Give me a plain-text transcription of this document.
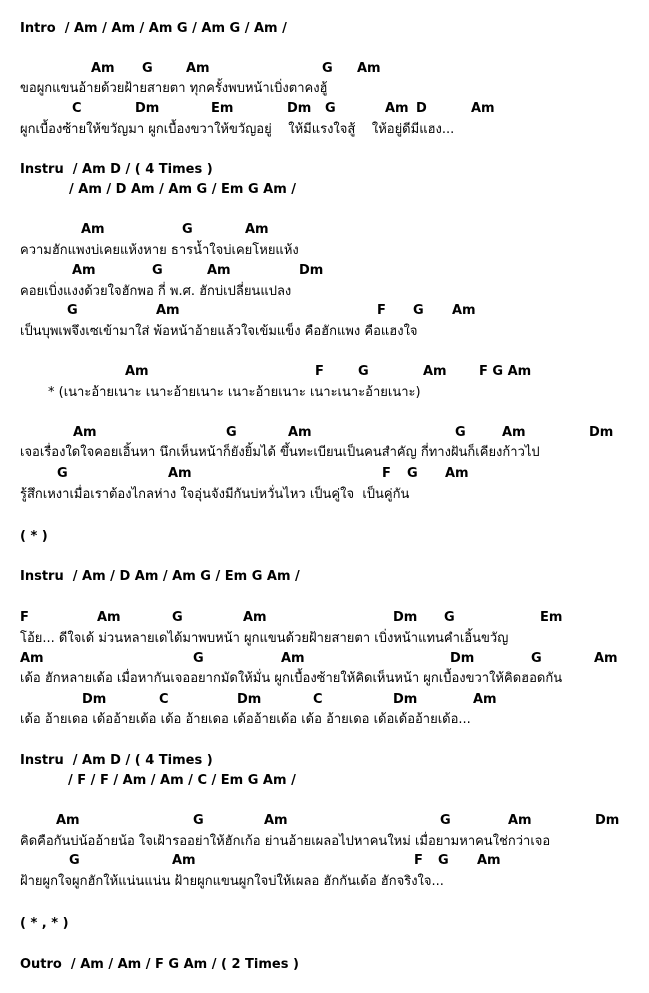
Intro  / Am / Am / Am G / Am G / Am /
Am G	Am	G Am
ขอผูกแขนอ้ายด้วยฝ้ายสายตา ทุกครั้งพบหน้าเบิ่งตาคงฮู้
C	Dm	Em	Dm G	Am D	Am
ผูกเบื้องซ้ายให้ขวัญมา ผูกเบื้องขวาให้ขวัญอยู่    ให้มีแรงใจสู้    ให้อยู่ดีมีแฮง...
Instru  / Am D / ( 4 Times )
/ Am / D Am / Am G / Em G Am /
Am	G	Am
ความฮักแพงบ่เคยแห้งหาย ธารน้ำใจบ่เคยโหยแห้ง
Am	G	Am	Dm
คอยเบิ่งแงงด้วยใจฮักพอ กี่ พ.ศ. ฮักบ่เปลี่ยนแปลง
G	Am	F G Am
เป็นบุพเพจึงเซเข้ามาใส่ พ้อหน้าอ้ายแล้วใจเข้มแข็ง คือฮักแพง คือแฮงใจ
Am	F	G	Am F G Am
* (เนาะอ้ายเนาะ เนาะอ้ายเนาะ เนาะอ้ายเนาะ เนาะเนาะอ้ายเนาะ)
Am	G	Am	G	Am	Dm
เจอเรื่องใดใจคอยเอิ้นหา นึกเห็นหน้าก็ยังยิ้มได้ ขึ้นทะเบียนเป็นคนสำคัญ กี่ทางฝันก็เคียงก้าวไป
G	Am	F G Am
รู้สึกเหงาเมื่อเราต้องไกลห่าง ใจอุ่นจังมีกันบ่หวั่นไหว เป็นคู่ใจ  เป็นคู่กัน
( * )
Instru  / Am / D Am / Am G / Em G Am /
F	Am	G	Am	Dm G	Em
โอ้ย... ดีใจเด้ ม่วนหลายเดได้มาพบหน้า ผูกแขนด้วยฝ้ายสายตา เบิ่งหน้าแทนคำเอิ้นขวัญ
Am	G	Am	Dm	G	Am
เด้อ ฮักหลายเด้อ เมื่อหากันเจออยากมัดให้มั่น ผูกเบื้องซ้ายให้คิดเห็นหน้า ผูกเบื้องขวาให้คิดฮอดกัน
Dm	C	Dm	C	Dm	Am
เด้อ อ้ายเดอ เด้ออ้ายเด้อ เด้อ อ้ายเดอ เด้ออ้ายเด้อ เด้อ อ้ายเดอ เด้อเด้ออ้ายเด้อ...
Instru  / Am D / ( 4 Times )
/ F / F / Am / Am / C / Em G Am /
Am	G	Am	G	Am	Dm
คิดคือกันบ่น้ออ้ายน้อ ใจเฝ้ารออย่าให้ฮักเก้อ ย่านอ้ายเผลอไปหาคนใหม่ เมื่อยามหาคนใช่กว่าเจอ
G	Am	F G Am
ฝ้ายผูกใจผูกฮักให้แน่นแน่น ฝ้ายผูกแขนผูกใจบ่ให้เผลอ ฮักกันเด้อ ฮักจริงใจ...
( * , * )
Outro  / Am / Am / F G Am / ( 2 Times )
